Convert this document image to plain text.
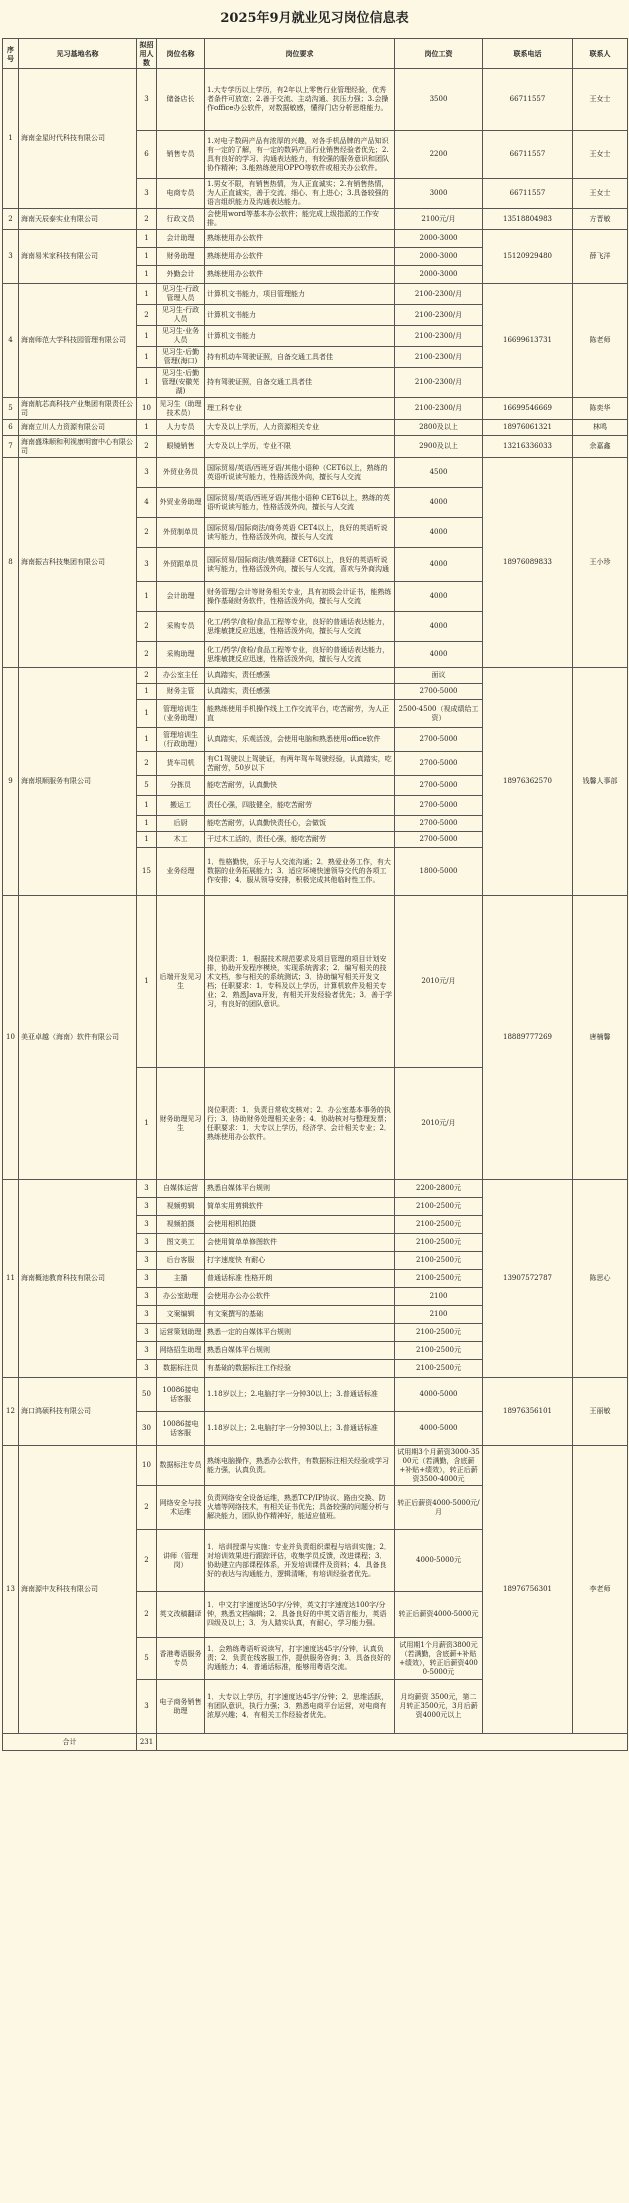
2025年9月就业见习岗位信息表
序号	见习基地名称	拟招用人数	岗位名称	岗位要求	岗位工资	联系电话	联系人
1	海南金星时代科技有限公司	3	储备店长	1.大专学历以上学历，有2年以上零售行业管理经验，优秀者条件可放宽；2.善于交流、主动沟通、抗压力强；3.会操作office办公软件，对数据敏感，懂得门店分析思维能力。	3500	66711557	王女士
		6	销售专员	1.对电子数码产品有浓厚的兴趣，对各手机品牌的产品知识有一定的了解，有一定的数码产品行业销售经验者优先；2.具有良好的学习、沟通表达能力，有较强的服务意识和团队协作精神；3.能熟练使用OPPO等软件或相关办公软件。	2200	66711557	王女士
		3	电商专员	1.男女不限，有销售热情，为人正直诚实；2.有销售热情，为人正直诚实，善于交流、细心、有上进心；3.具备较强的语言组织能力及沟通表达能力。	3000	66711557	王女士
2	海南天辰泰实业有限公司	2	行政文员	会使用word等基本办公软件；能完成上级指派的工作安排。	2100元/月	13518804983	方晋敏
3	海南易米家科技有限公司	1	会计助理	熟练使用办公软件	2000-3000	15120929480	薛飞洋
		1	财务助理	熟练使用办公软件	2000-3000		
		1	外勤会计	熟练使用办公软件	2000-3000		
4	海南师范大学科技园管理有限公司	1	见习生-行政管理人员	计算机文书能力，项目管理能力	2100-2300/月	16699613731	陈老师
		2	见习生-行政人员	计算机文书能力	2100-2300/月		
		1	见习生-业务人员	计算机文书能力	2100-2300/月		
		1	见习生-后勤管理(海口)	持有机动车驾驶证照，自备交通工具者佳	2100-2300/月		
		1	见习生-后勤管理(安徽芜湖)	持有驾驶证照，自备交通工具者佳	2100-2300/月		
5	海南航芯高科技产业集团有限责任公司	10	见习生（助理技术员）	理工科专业	2100-2300/月	16699546669	陈奕华
6	海南立川人力资源有限公司	1	人力专员	大专及以上学历，人力资源相关专业	2800及以上	18976061321	林鸣
7	海南盛珠顺和利视康明窗中心有限公司	2	眼镜销售	大专及以上学历，专业不限	2900及以上	13216336033	余嘉鑫
8	海南振吉科技集团有限公司	3	外贸业务员	国际贸易/英语/西班牙语/其他小语种（CET6以上，熟练的英语听说读写能力，性格活泼外向，擅长与人交流	4500	18976089833	王小珍
		4	外贸业务助理	国际贸易/英语/西班牙语/其他小语种 CET6以上，熟练的英语听说读写能力，性格活泼外向，擅长与人交流	4000		
		2	外贸制单员	国际贸易/国际商法/商务英语 CET4以上，良好的英语听说读写能力，性格活泼外向，擅长与人交流	4000		
		3	外贸跟单员	国际贸易/国际商法/俄英翻译 CET6以上，良好的英语听说读写能力，性格活泼外向，擅长与人交流，喜欢与外商沟通	4000		
		1	会计助理	财务管理/会计等财务相关专业，具有初级会计证书，能熟练操作基础财务软件，性格活泼外向，擅长与人交流	4000		
		2	采购专员	化工/药学/食检/食品工程等专业，良好的普通话表达能力，思维敏捷反应迅速，性格活泼外向，擅长与人交流	4000		
		2	采购助理	化工/药学/食检/食品工程等专业，良好的普通话表达能力，思维敏捷反应迅速，性格活泼外向，擅长与人交流	4000		
9	海南垠顺服务有限公司	2	办公室主任	认真踏实，责任感强	面议	18976362570	钱馨人事部
		1	财务主管	认真踏实，责任感强	2700-5000		
		1	管理培训生（业务助理）	能熟练使用手机操作线上工作交流平台，吃苦耐劳，为人正直	2500-4500（视成绩给工资）		
		1	管理培训生（行政助理）	认真踏实，乐观活泼，会使用电脑和熟悉使用office软件	2700-5000		
		2	货车司机	有C1驾驶以上驾驶证，有两年驾车驾驶经验，认真踏实，吃苦耐劳，50岁以下	2700-5000		
		5	分拣员	能吃苦耐劳，认真勤快	2700-5000		
		1	搬运工	责任心强，四肢健全，能吃苦耐劳	2700-5000		
		1	后厨	能吃苦耐劳，认真勤快责任心，会做饭	2700-5000		
		1	木工	干过木工活的，责任心强，能吃苦耐劳	2700-5000		
		15	业务经理	1．性格勤快，乐于与人交流沟通；2．熟爱业务工作，有大数据的业务拓展能力；3．适应环境快速领导交代的各项工作安排；4．服从领导安排，积极完成其他临时性工作。	1800-5000		
10	美亚卓越（海南）软件有限公司	1	后端开发见习生	岗位职责：1．根据技术规范要求及项目管理的项目计划安排，协助开发程序模块，实现系统需求；2．编写相关的技术文档，参与相关的系统测试；3．协助编写相关开发文档；任职要求：1．专科及以上学历，计算机软件及相关专业；2．熟悉Java开发，有相关开发经验者优先；3．善于学习，有良好的团队意识。	2010元/月	18889777269	唐楠馨
		1	财务助理见习生	岗位职责：1．负责日常收支核对；2．办公室基本事务的执行；3．协助财务处理相关业务；4．协助核对与整理发票；任职要求：1．大专以上学历，经济学、会计相关专业；2．熟练使用办公软件。	2010元/月		
11	海南概池教育科技有限公司	3	自媒体运营	熟悉自媒体平台规则	2200-2800元	13907572787	陈思心
		3	视频剪辑	简单实用剪辑软件	2100-2500元		
		3	视频拍摄	会使用相机拍摄	2100-2500元		
		3	图文美工	会使用简单单修图软件	2100-2500元		
		3	后台客服	打字速度快 有耐心	2100-2500元		
		3	主播	普通话标准 性格开朗	2100-2500元		
		3	办公室助理	会使用办公办公软件	2100		
		3	文案编辑	有文案撰写的基础	2100		
		3	运营策划助理	熟悉一定的自媒体平台规则	2100-2500元		
		3	网络招生助理	熟悉自媒体平台规则	2100-2500元		
		3	数据标注员	有基础的数据标注工作经验	2100-2500元		
12	海口鸿硕科技有限公司	50	10086接电话客服	1.18岁以上；2.电脑打字一分钟30以上；3.普通话标准	4000-5000	18976356101	王丽敏
		30	10086接电话客服	1.18岁以上；2.电脑打字一分钟30以上；3.普通话标准	4000-5000		
13	海南源中友科技有限公司	10	数据标注专员	熟练电脑操作，熟悉办公软件，有数据标注相关经验或学习能力强，认真负责。	试用期3个月薪资3000-3500元（若满勤，含底薪+补贴+绩效），转正后薪资3500-4000元	18976756301	李老师
		2	网络安全与技术运维	负责网络安全设备运维，熟悉TCP/IP协议、路由交换、防火墙等网络技术，有相关证书优先；具备较强的问题分析与解决能力，团队协作精神好，能适应值班。	转正后薪资4000-5000元/月		
		2	讲师（管理岗）	1．培训授课与实施：专业并负责组织课程与培训实施；2．对培训效果进行跟踪评估，收集学员反馈，改进课程；3．协助建立内部课程体系，开发培训课件及资料；4．具备良好的表达与沟通能力，逻辑清晰，有培训经验者优先。	4000-5000元		
		2	英文改稿翻译	1．中文打字速度达50字/分钟，英文打字速度达100字/分钟，熟悉文档编辑；2．具备良好的中英文语言能力，英语四级及以上；3．为人踏实认真，有耐心，学习能力强。	转正后薪资4000-5000元		
		5	香港粤语服务专员	1．会熟练粤语听说读写，打字速度达45字/分钟，认真负责；2．负责在线客服工作，提供服务咨询；3．具备良好的沟通能力；4．普通话标准，能够用粤语交流。	试用期1个月薪资3800元（若满勤，含底薪+补贴+绩效），转正后薪资4000-5000元		
		3	电子商务销售助理	1．大专以上学历，打字速度达45字/分钟；2．思维活跃，有团队意识，执行力强；3．熟悉电商平台运营，对电商有浓厚兴趣；4．有相关工作经验者优先。	月均薪资 3500元，第二月转正3500元，3月后薪资4000元以上		
合计		231					
